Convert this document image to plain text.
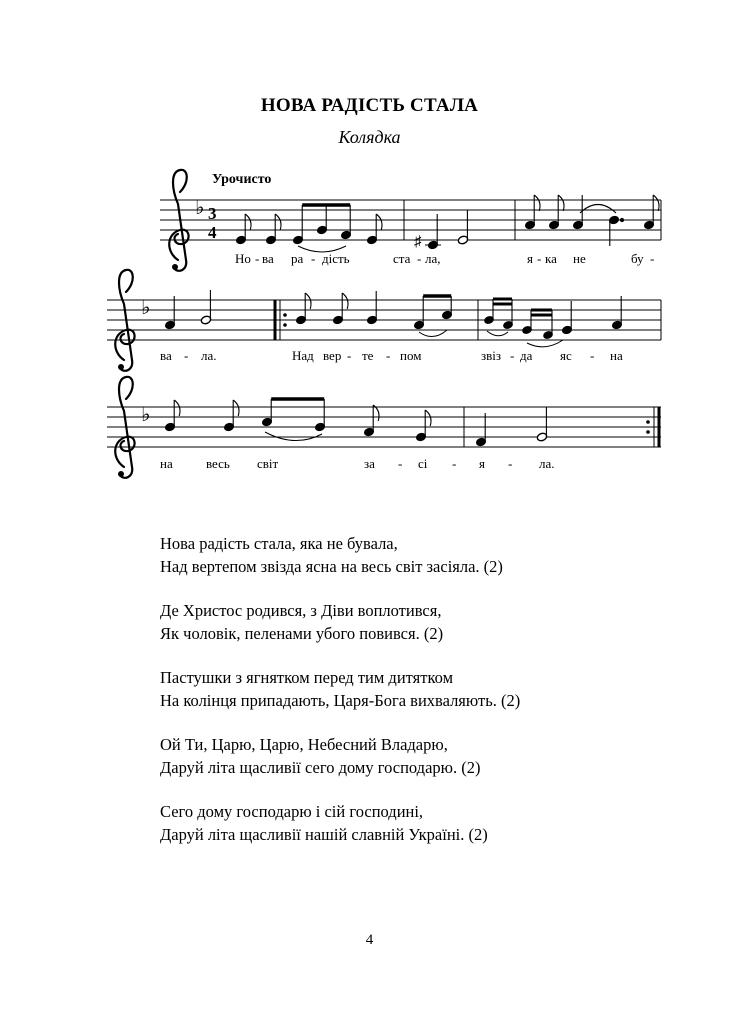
НОВА РАДІСТЬ СТАЛА
Колядка
Урочисто
♭ 3
4	♯
♭
♭
Но - ва ра - дість	ста - ла,	я - ка не	бу -
ва - ла.	Над вер - те - пом	звіз - да яс - на
на	весь світ	за - сі - я - ла.
Нова радість стала, яка не бувала,
Над вертепом звізда ясна на весь світ засіяла. (2)
Де Христос родився, з Діви воплотився,
Як чоловік, пеленами убого повився. (2)
Пастушки з ягнятком перед тим дитятком
На колінця припадають, Царя-Бога вихваляють. (2)
Ой Ти, Царю, Царю, Небесний Владарю,
Даруй літа щасливії сего дому господарю. (2)
Сего дому господарю і сій господині,
Даруй літа щасливії нашій славній Україні. (2)
4
